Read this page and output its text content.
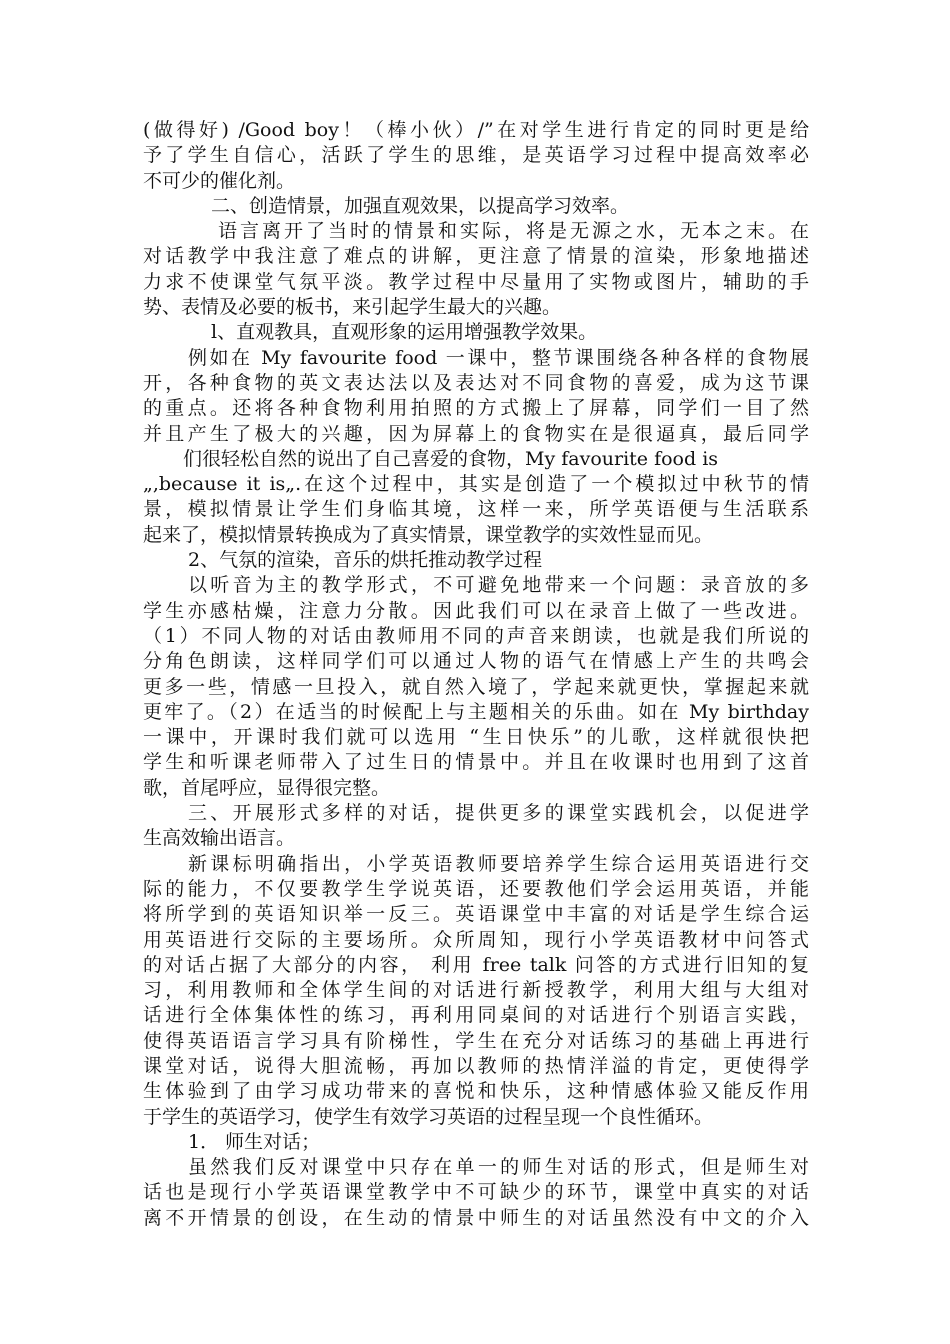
(做得好) /Good boy！（棒小伙）/”在对学生进行肯定的同时更是给
予了学生自信心，活跃了学生的思维，是英语学习过程中提高效率必
不可少的催化剂。
二、创造情景，加强直观效果，以提高学习效率。
语言离开了当时的情景和实际，将是无源之水，无本之末。在
对话教学中我注意了难点的讲解，更注意了情景的渲染，形象地描述
力求不使课堂气氛平淡。教学过程中尽量用了实物或图片，辅助的手
势、表情及必要的板书，来引起学生最大的兴趣。
l、直观教具，直观形象的运用增强教学效果。
例如在 My favourite food 一课中，整节课围绕各种各样的食物展
开，各种食物的英文表达法以及表达对不同食物的喜爱，成为这节课
的重点。还将各种食物利用拍照的方式搬上了屏幕，同学们一目了然
并且产生了极大的兴趣，因为屏幕上的食物实在是很逼真，最后同学
们很轻松自然的说出了自己喜爱的食物，My favourite food is
„,because it is„.在这个过程中，其实是创造了一个模拟过中秋节的情
景，模拟情景让学生们身临其境，这样一来，所学英语便与生活联系
起来了，模拟情景转换成为了真实情景，课堂教学的实效性显而见。
2、气氛的渲染，音乐的烘托推动教学过程
以听音为主的教学形式，不可避免地带来一个问题：录音放的多
学生亦感枯燥，注意力分散。因此我们可以在录音上做了一些改进。
（1）不同人物的对话由教师用不同的声音来朗读，也就是我们所说的
分角色朗读，这样同学们可以通过人物的语气在情感上产生的共鸣会
更多一些，情感一旦投入，就自然入境了，学起来就更快，掌握起来就
更牢了。（2）在适当的时候配上与主题相关的乐曲。如在 My birthday
一课中，开课时我们就可以选用 “生日快乐”的儿歌，这样就很快把
学生和听课老师带入了过生日的情景中。并且在收课时也用到了这首
歌，首尾呼应，显得很完整。
三、开展形式多样的对话，提供更多的课堂实践机会，以促进学
生高效输出语言。
新课标明确指出，小学英语教师要培养学生综合运用英语进行交
际的能力，不仅要教学生学说英语，还要教他们学会运用英语，并能
将所学到的英语知识举一反三。英语课堂中丰富的对话是学生综合运
用英语进行交际的主要场所。众所周知，现行小学英语教材中问答式
的对话占据了大部分的内容， 利用 free talk 问答的方式进行旧知的复
习，利用教师和全体学生间的对话进行新授教学，利用大组与大组对
话进行全体集体性的练习，再利用同桌间的对话进行个别语言实践，
使得英语语言学习具有阶梯性，学生在充分对话练习的基础上再进行
课堂对话，说得大胆流畅，再加以教师的热情洋溢的肯定，更使得学
生体验到了由学习成功带来的喜悦和快乐，这种情感体验又能反作用
于学生的英语学习，使学生有效学习英语的过程呈现一个良性循环。
1． 师生对话；
虽然我们反对课堂中只存在单一的师生对话的形式，但是师生对
话也是现行小学英语课堂教学中不可缺少的环节，课堂中真实的对话
离不开情景的创设，在生动的情景中师生的对话虽然没有中文的介入
